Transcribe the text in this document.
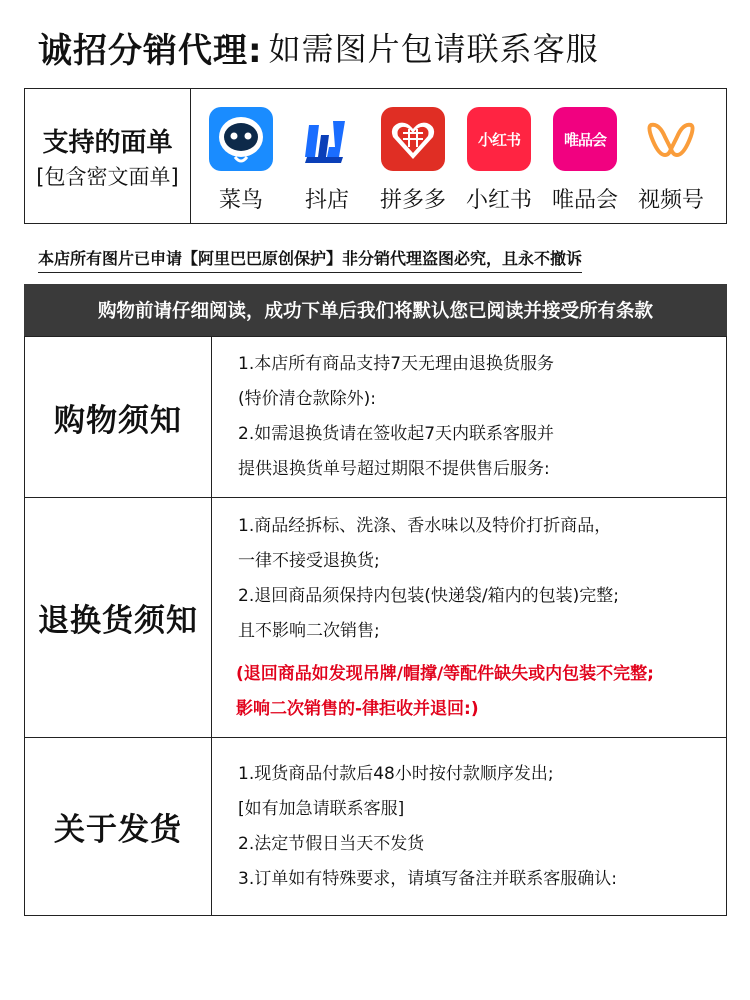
诚招分销代理: 如需图片包请联系客服
支持的面单
[包含密文面单]
菜鸟	抖店	拼多多
小红书
小红书
唯品会
唯品会 视频号
本店所有图片已申请【阿里巴巴原创保护】非分销代理盗图必究，且永不撤诉
购物前请仔细阅读，成功下单后我们将默认您已阅读并接受所有条款
购物须知
1.本店所有商品支持7天无理由退换货服务
(特价清仓款除外):
2.如需退换货请在签收起7天内联系客服并
提供退换货单号超过期限不提供售后服务:
退换货须知
1.商品经拆标、洗涤、香水味以及特价打折商品，
一律不接受退换货;
2.退回商品须保持内包装(快递袋/箱内的包装)完整;
且不影响二次销售;
(退回商品如发现吊牌/帽撑/等配件缺失或内包装不完整;
影响二次销售的-律拒收并退回:)
关于发货
1.现货商品付款后48小时按付款顺序发出;
[如有加急请联系客服]
2.法定节假日当天不发货
3.订单如有特殊要求，请填写备注并联系客服确认:
